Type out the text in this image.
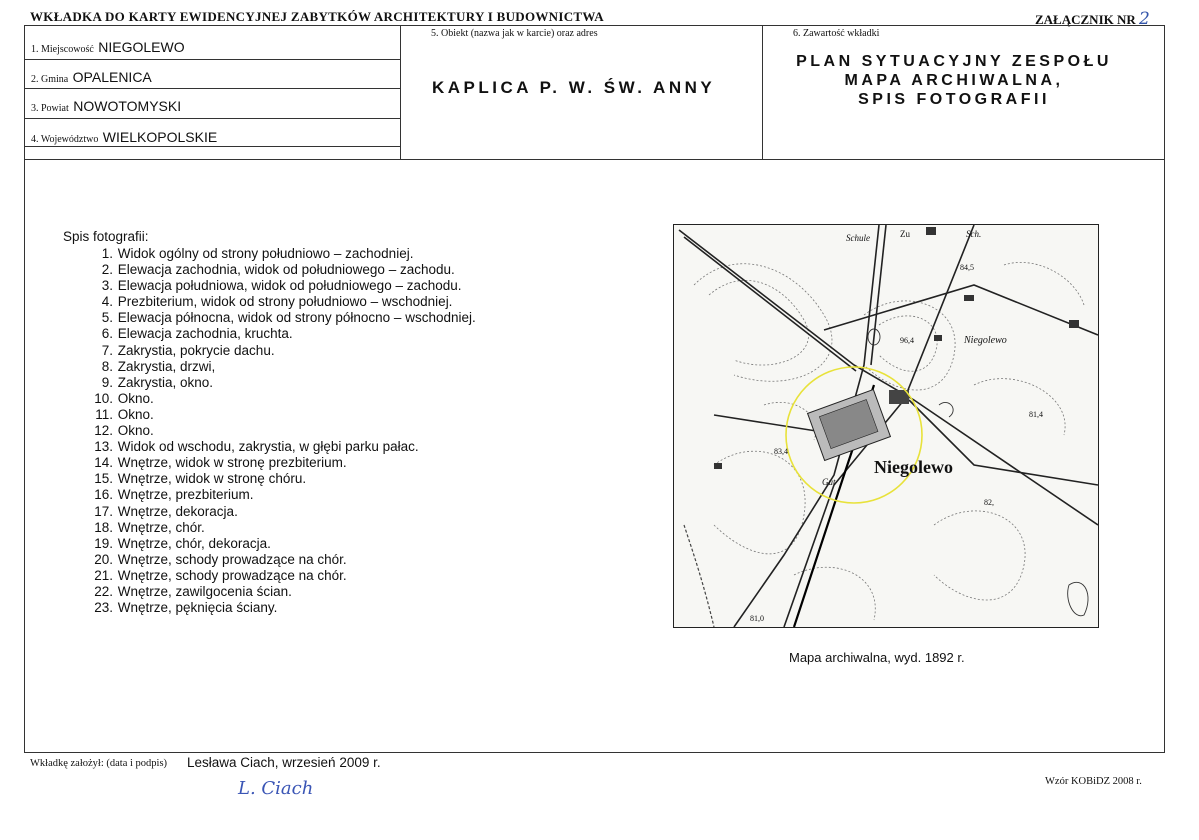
WKŁADKA DO KARTY EWIDENCYJNEJ ZABYTKÓW ARCHITEKTURY I BUDOWNICTWA	ZAŁĄCZNIK NR 2
1. Miejscowość NIEGOLEWO
2. Gmina OPALENICA
3. Powiat NOWOTOMYSKI
4. Województwo WIELKOPOLSKIE
5. Obiekt (nazwa jak w karcie) oraz adres	6. Zawartość wkładki
KAPLICA P. W. ŚW. ANNY
PLAN SYTUACYJNY ZESPOŁU
MAPA ARCHIWALNA,
SPIS FOTOGRAFII
Spis fotografii:
1. Widok ogólny od strony południowo – zachodniej.
2. Elewacja zachodnia, widok od południowego – zachodu.
3. Elewacja południowa, widok od południowego – zachodu.
4. Prezbiterium, widok od strony południowo – wschodniej.
5. Elewacja północna, widok od strony północno – wschodniej.
6. Elewacja zachodnia, kruchta.
7. Zakrystia, pokrycie dachu.
8. Zakrystia, drzwi,
9. Zakrystia, okno.
10. Okno.
11. Okno.
12. Okno.
13. Widok od wschodu, zakrystia, w głębi parku pałac.
14. Wnętrze, widok w stronę prezbiterium.
15. Wnętrze, widok w stronę chóru.
16. Wnętrze, prezbiterium.
17. Wnętrze, dekoracja.
18. Wnętrze, chór.
19. Wnętrze, chór, dekoracja.
20. Wnętrze, schody prowadzące na chór.
21. Wnętrze, schody prowadzące na chór.
22. Wnętrze, zawilgocenia ścian.
23. Wnętrze, pęknięcia ściany.
Niegolewo
Niegolewo
Schule	Zu	Sch.
Gut
84,5
96,4
83,4
81,4
81,0
82,
Mapa archiwalna, wyd. 1892 r.
Wkładkę założył: (data i podpis) Lesława Ciach, wrzesień 2009 r.
L. Ciach	Wzór KOBiDZ 2008 r.
